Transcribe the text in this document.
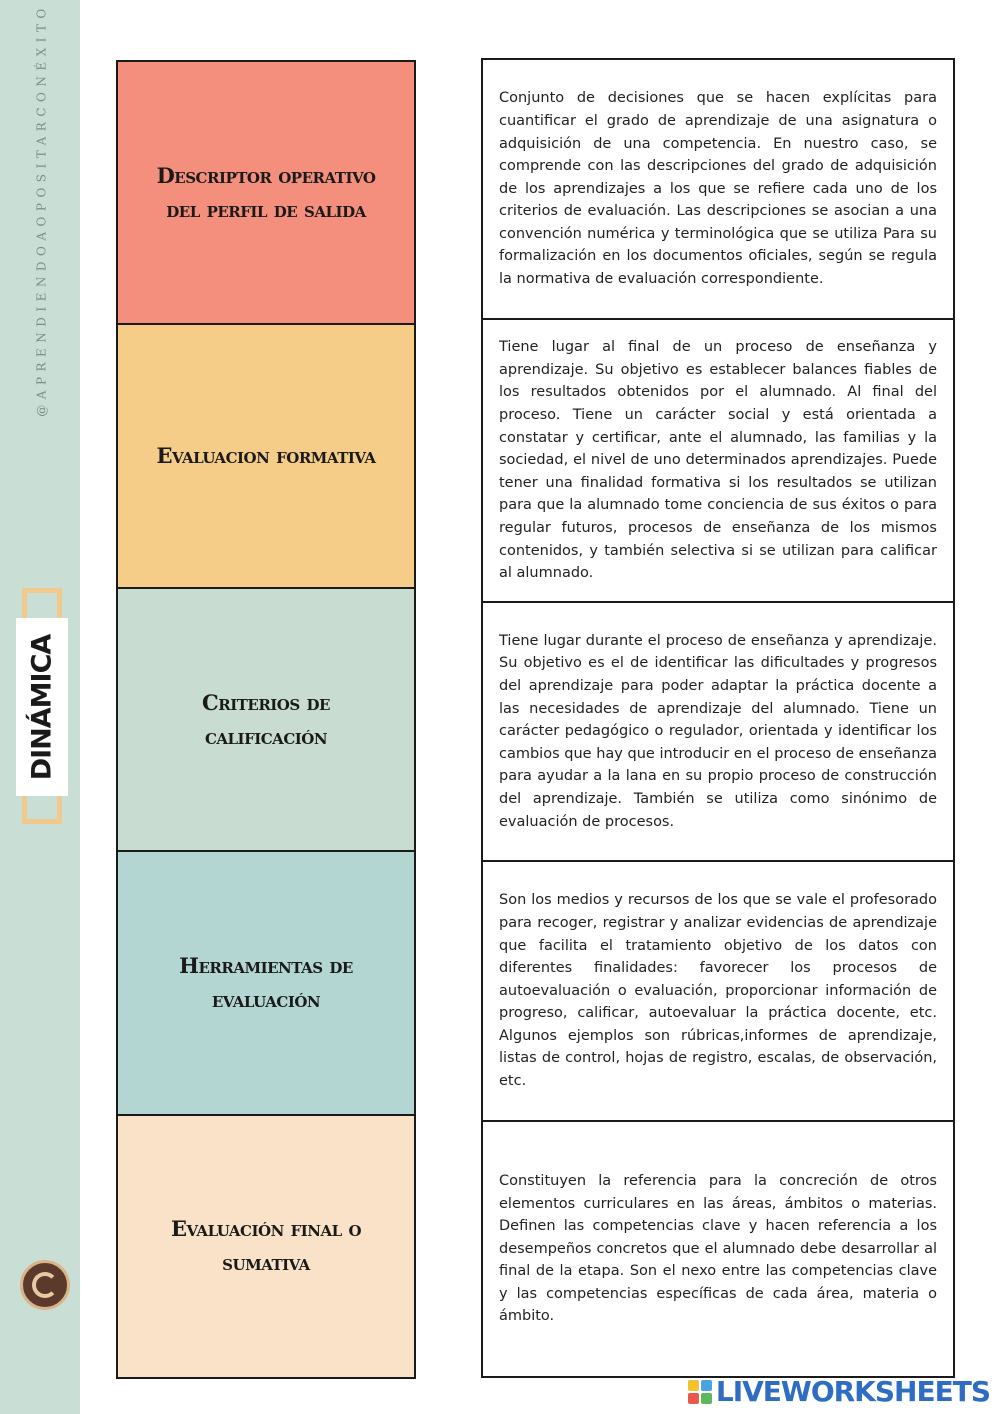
@APRENDIENDOAOPOSITARCONÉXITO
DINÁMICA
Descriptor operativo del perfil de salida
Evaluacion formativa
Criterios de calificación
Herramientas de evaluación
Evaluación final o sumativa

Conjunto de decisiones que se hacen explícitas para cuantificar el grado de aprendizaje de una asignatura o adquisición de una competencia. En nuestro caso, se comprende con las descripciones del grado de adquisición de los aprendizajes a los que se refiere cada uno de los criterios de evaluación. Las descripciones se asocian a una convención numérica y terminológica que se utiliza Para su formalización en los documentos oficiales, según se regula la normativa de evaluación correspondiente.

Tiene lugar al final de un proceso de enseñanza y aprendizaje. Su objetivo es establecer balances fiables de los resultados obtenidos por el alumnado. Al final del proceso. Tiene un carácter social y está orientada a constatar y certificar, ante el alumnado, las familias y la sociedad, el nivel de uno determinados aprendizajes. Puede tener una finalidad formativa si los resultados se utilizan para que la alumnado tome conciencia de sus éxitos o para regular futuros, procesos de enseñanza de los mismos contenidos, y también selectiva si se utilizan para calificar al alumnado.

Tiene lugar durante el proceso de enseñanza y aprendizaje. Su objetivo es el de identificar las dificultades y progresos del aprendizaje para poder adaptar la práctica docente a las necesidades de aprendizaje del alumnado. Tiene un carácter pedagógico o regulador, orientada y identificar los cambios que hay que introducir en el proceso de enseñanza para ayudar a la lana en su propio proceso de construcción del aprendizaje. También se utiliza como sinónimo de evaluación de procesos.

Son los medios y recursos de los que se vale el profesorado para recoger, registrar y analizar evidencias de aprendizaje que facilita el tratamiento objetivo de los datos con diferentes finalidades: favorecer los procesos de autoevaluación o evaluación, proporcionar información de progreso, calificar, autoevaluar la práctica docente, etc. Algunos ejemplos son rúbricas,informes de aprendizaje, listas de control, hojas de registro, escalas, de observación, etc.

Constituyen la referencia para la concreción de otros elementos curriculares en las áreas, ámbitos o materias. Definen las competencias clave y hacen referencia a los desempeños concretos que el alumnado debe desarrollar al final de la etapa. Son el nexo entre las competencias clave y las competencias específicas de cada área, materia o ámbito.

LIVEWORKSHEETS
